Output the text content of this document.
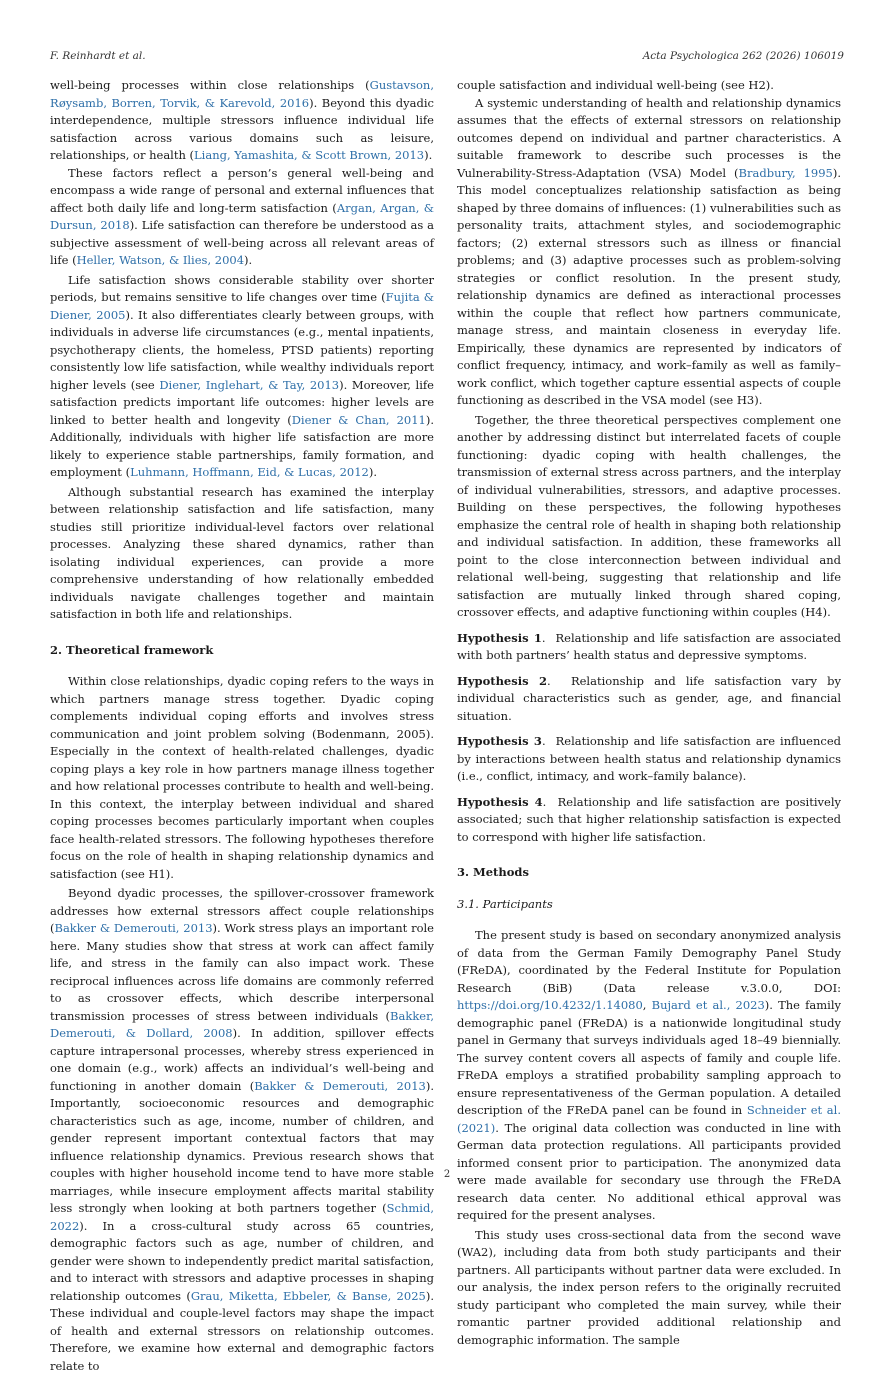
F. Reinhardt et al.	Acta Psychologica 262 (2026) 106019

well-being processes within close relationships (Gustavson, Røysamb, Borren, Torvik, & Karevold, 2016). Beyond this dyadic interdependence, multiple stressors influence individual life satisfaction across various domains such as leisure, relationships, or health (Liang, Yamashita, & Scott Brown, 2013).

These factors reflect a person’s general well-being and encompass a wide range of personal and external influences that affect both daily life and long-term satisfaction (Argan, Argan, & Dursun, 2018). Life satisfaction can therefore be understood as a subjective assessment of well-being across all relevant areas of life (Heller, Watson, & Ilies, 2004).

Life satisfaction shows considerable stability over shorter periods, but remains sensitive to life changes over time (Fujita & Diener, 2005). It also differentiates clearly between groups, with individuals in adverse life circumstances (e.g., mental inpatients, psychotherapy clients, the homeless, PTSD patients) reporting consistently low life satisfaction, while wealthy individuals report higher levels (see Diener, Inglehart, & Tay, 2013). Moreover, life satisfaction predicts important life outcomes: higher levels are linked to better health and longevity (Diener & Chan, 2011). Additionally, individuals with higher life satisfaction are more likely to experience stable partnerships, family formation, and employment (Luhmann, Hoffmann, Eid, & Lucas, 2012).

Although substantial research has examined the interplay between relationship satisfaction and life satisfaction, many studies still prioritize individual-level factors over relational processes. Analyzing these shared dynamics, rather than isolating individual experiences, can provide a more comprehensive understanding of how relationally embedded individuals navigate challenges together and maintain satisfaction in both life and relationships.

2. Theoretical framework

Within close relationships, dyadic coping refers to the ways in which partners manage stress together. Dyadic coping complements individual coping efforts and involves stress communication and joint problem solving (Bodenmann, 2005). Especially in the context of health-related challenges, dyadic coping plays a key role in how partners manage illness together and how relational processes contribute to health and well-being. In this context, the interplay between individual and shared coping processes becomes particularly important when couples face health-related stressors. The following hypotheses therefore focus on the role of health in shaping relationship dynamics and satisfaction (see H1).

Beyond dyadic processes, the spillover-crossover framework addresses how external stressors affect couple relationships (Bakker & Demerouti, 2013). Work stress plays an important role here. Many studies show that stress at work can affect family life, and stress in the family can also impact work. These reciprocal influences across life domains are commonly referred to as crossover effects, which describe interpersonal transmission processes of stress between individuals (Bakker, Demerouti, & Dollard, 2008). In addition, spillover effects capture intrapersonal processes, whereby stress experienced in one domain (e.g., work) affects an individual’s well-being and functioning in another domain (Bakker & Demerouti, 2013). Importantly, socioeconomic resources and demographic characteristics such as age, income, number of children, and gender represent important contextual factors that may influence relationship dynamics. Previous research shows that couples with higher household income tend to have more stable marriages, while insecure employment affects marital stability less strongly when looking at both partners together (Schmid, 2022). In a cross-cultural study across 65 countries, demographic factors such as age, number of children, and gender were shown to independently predict marital satisfaction, and to interact with stressors and adaptive processes in shaping relationship outcomes (Grau, Miketta, Ebbeler, & Banse, 2025). These individual and couple-level factors may shape the impact of health and external stressors on relationship outcomes. Therefore, we examine how external and demographic factors relate to

couple satisfaction and individual well-being (see H2).

A systemic understanding of health and relationship dynamics assumes that the effects of external stressors on relationship outcomes depend on individual and partner characteristics. A suitable framework to describe such processes is the Vulnerability-Stress-Adaptation (VSA) Model (Bradbury, 1995). This model conceptualizes relationship satisfaction as being shaped by three domains of influences: (1) vulnerabilities such as personality traits, attachment styles, and sociodemographic factors; (2) external stressors such as illness or financial problems; and (3) adaptive processes such as problem-solving strategies or conflict resolution. In the present study, relationship dynamics are defined as interactional processes within the couple that reflect how partners communicate, manage stress, and maintain closeness in everyday life. Empirically, these dynamics are represented by indicators of conflict frequency, intimacy, and work–family as well as family–work conflict, which together capture essential aspects of couple functioning as described in the VSA model (see H3).

Together, the three theoretical perspectives complement one another by addressing distinct but interrelated facets of couple functioning: dyadic coping with health challenges, the transmission of external stress across partners, and the interplay of individual vulnerabilities, stressors, and adaptive processes. Building on these perspectives, the following hypotheses emphasize the central role of health in shaping both relationship and individual satisfaction. In addition, these frameworks all point to the close interconnection between individual and relational well-being, suggesting that relationship and life satisfaction are mutually linked through shared coping, crossover effects, and adaptive functioning within couples (H4).

Hypothesis 1.  Relationship and life satisfaction are associated with both partners’ health status and depressive symptoms.

Hypothesis 2.  Relationship and life satisfaction vary by individual characteristics such as gender, age, and financial situation.

Hypothesis 3.  Relationship and life satisfaction are influenced by interactions between health status and relationship dynamics (i.e., conflict, intimacy, and work–family balance).

Hypothesis 4.  Relationship and life satisfaction are positively associated; such that higher relationship satisfaction is expected to correspond with higher life satisfaction.

3. Methods

3.1. Participants

The present study is based on secondary anonymized analysis of data from the German Family Demography Panel Study (FReDA), coordinated by the Federal Institute for Population Research (BiB) (Data release v.3.0.0, DOI: https://doi.org/10.4232/1.14080, Bujard et al., 2023). The family demographic panel (FReDA) is a nationwide longitudinal study panel in Germany that surveys individuals aged 18–49 biennially. The survey content covers all aspects of family and couple life. FReDA employs a stratified probability sampling approach to ensure representativeness of the German population. A detailed description of the FReDA panel can be found in Schneider et al. (2021). The original data collection was conducted in line with German data protection regulations. All participants provided informed consent prior to participation. The anonymized data were made available for secondary use through the FReDA research data center. No additional ethical approval was required for the present analyses.

This study uses cross-sectional data from the second wave (WA2), including data from both study participants and their partners. All participants without partner data were excluded. In our analysis, the index person refers to the originally recruited study participant who completed the main survey, while their romantic partner provided additional relationship and demographic information. The sample

2
